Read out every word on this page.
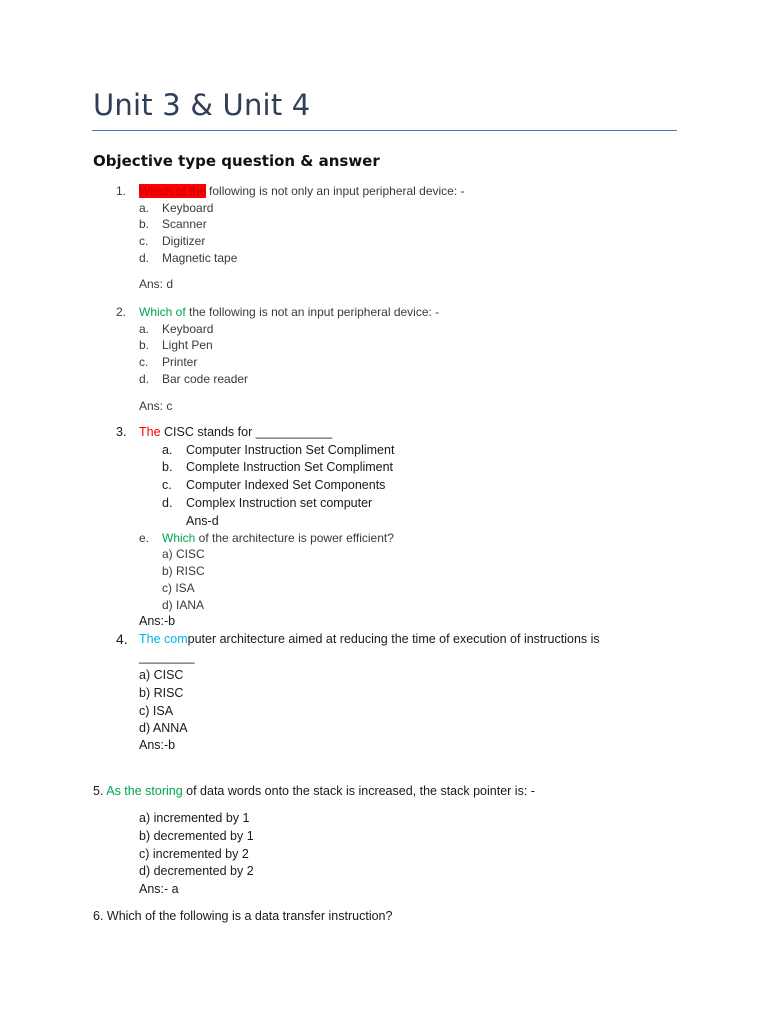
Unit 3 & Unit 4
Objective type question & answer
1. Which of the following is not only an input peripheral device: -
a. Keyboard
b. Scanner
c. Digitizer
d. Magnetic tape
Ans: d
2. Which of the following is not an input peripheral device: -
a. Keyboard
b. Light Pen
c. Printer
d. Bar code reader
Ans: c
3. The CISC stands for ___________
a. Computer Instruction Set Compliment
b. Complete Instruction Set Compliment
c. Computer Indexed Set Components
d. Complex Instruction set computer
Ans-d
e. Which of the architecture is power efficient?
a) CISC
b) RISC
c) ISA
d) IANA
Ans:-b
4. The computer architecture aimed at reducing the time of execution of instructions is
________
a) CISC
b) RISC
c) ISA
d) ANNA
Ans:-b
5. As the storing of data words onto the stack is increased, the stack pointer is: -
a) incremented by 1
b) decremented by 1
c) incremented by 2
d) decremented by 2
Ans:- a
6. Which of the following is a data transfer instruction?
